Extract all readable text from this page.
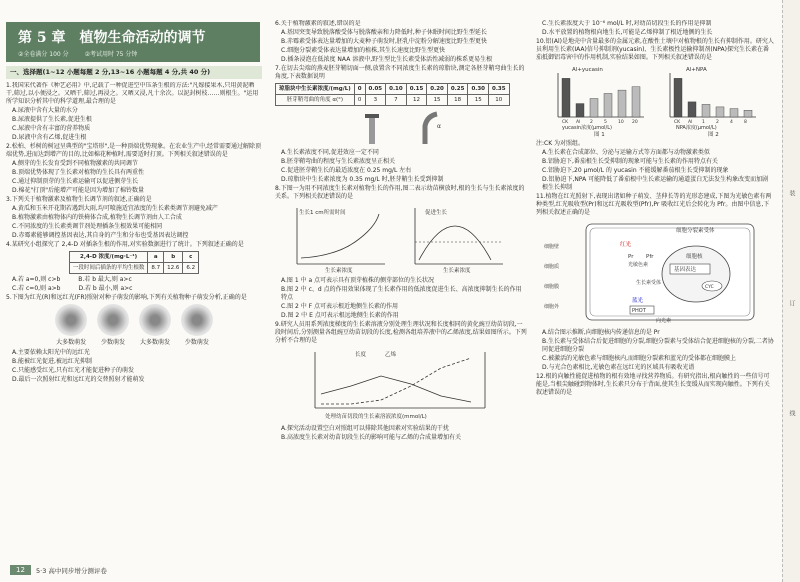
第 5 章　植物生命活动的调节
②全卷满分 100 分	②考试用时 75 分钟
一、选择题(1~12 小题每题 2 分,13~16 小题每题 4 分,共 40 分)

1.我国宋代著作《种艺必用》中,记载了一种促进空中压条生根的方法:"凡嫁接果木,只用黄泥晒干,筛过,以小便浸之。又晒干,筛过,再浸之。又晒又浸,凡十余次。以泥封树枝……则根生。"运用所学知识分析其中的科学道理,最合理的是

A.尿液中含有大量的水分

B.尿液提供了生长素,促进生根

C.尿液中含有丰富的营养物质

D.尿液中含有乙烯,促进生根

2.松柏、杉树的树冠呈典型的"宝塔形",是一种顶端优势现象。在农业生产中,经常需要通过解除顶端优势,进而达到增产的目的,比如棉花种植时,需要适时打顶。下列相关叙述错误的是

A.侧芽的生长发育受到不同植物激素的共同调节

B.顶端优势体现了生长素对植物的生长具有两重性

C.通过抑制顶芽的生长素运输可以促进侧芽生长

D.棉花"打顶"后能增产可能是因为增加了棉铃数量

3.下列关于植物激素及植物生长调节剂的叙述,正确的是

A.黄瓜和玉米开花期若遇到大雨,均可喷施适宜浓度的生长素类调节剂避免减产

B.植物激素由植物体内的铁椅体合成,植物生长调节剂由人工合成

C.不同浓度的生长素类调节剂处理插条生根效果可能相同

D.赤霉素能够调控基因表达,其自身的产生和分布也受基因表达调控

4.某研究小组探究了 2,4-D 对插条生根的作用,对实验数据进行了统计。下列叙述正确的是

2,4-D 浓度/(mg·L⁻¹)	a	b	c
一段时间后插条的平均生根数	8.7	12.6	6.2

A.若 a=0,则 c>b　　　B.若 b 最大,则 a>c

C.若 c=0,则 a>b　　　D.若 b 最小,则 a>c

5.下图为红光(R)和远红光(FR)照射对种子萌发的影响,下列有关植物种子萌发分析,正确的是

大多数萌发
	少数萌发
	大多数萌发
	少数萌发

A.主要依赖太阳光中的远红光

B.能被红光促进,被远红光抑制

C.只能感受红光,只有红光才能促进种子的萌发

D.最后一次照射红光和远红光的交替照射才能萌发

6.关于植物激素的叙述,错误的是

A.基因突变导致脱落酸受体与脱落酸亲和力降低时,种子休眠时间比野生型延长

B.赤霉素受体表达量增加的大麦种子萌发时,胚乳中淀粉分解速度比野生型更快

C.细胞分裂素受体表达量增加的植株,其生长速度比野生型更快

D.插条浸泡在低浓度 NAA 溶液中,野生型比生长素受体活性减弱的株系更易生根

7.在切去尖端的燕麦胚芽鞘切面一侧,放置含不同浓度生长素的琼脂块,测定各胚芽鞘弯曲生长的角度,下表数据说明

琼脂块中生长素浓度/(mg/L)	0	0.05	0.10	0.15	0.20	0.25	0.30	0.35
胚芽鞘弯曲的角度 α(°)	0	3	7	12	15	18	15	10
α

A.生长素浓度不同,促进效应一定不同

B.胚芽鞘弯曲的程度与生长素浓度呈正相关

C.促进胚芽鞘生长的最适浓度在 0.25 mg/L 左右

D.琼脂块中生长素浓度为 0.35 mg/L 时,胚芽鞘生长受到抑制

8.下图一为用不同浓度生长素对植物生长的作用,图二表示幼苗横放时,根的生长与生长素浓度的关系。下列相关叙述错误的是

生长1 cm所需时间
生长素浓度
促进生长
生长素浓度

A.图 1 中 a 点可表示具有顶芽植株的侧芽部位的生长状况

B.图 2 中 c、d 点的作用效果体现了生长素作用的低浓度促进生长、高浓度抑制生长的作用特点

C.图 2 中 F 点可表示根近地侧生长素的作用

D.图 2 中 E 点可表示根远地侧生长素的作用

9.研究人员用系列浓度梯度的生长素溶液分别处理生理状况和长度相同的黄化豌豆幼苗切段,一段时间后,分别测量各组豌豆幼苗切段的长度,检测各组培养液中的乙烯浓度,结果如图所示。下列分析不合理的是

长度	乙烯
处理幼苗切段的生长素溶液浓度(mmol/L)

A.探究活动设置空白对照组可以排除其他因素对实验结果的干扰

B.高浓度生长素对幼苗切段生长的影响可能与乙烯的合成量增加有关

C.生长素浓度大于 10⁻⁶ mol/L 时,对幼苗切段生长的作用是抑制

D.水平放置的植物根向地生长,可能是乙烯抑制了根近地侧的生长

10.铝(Al)是地壳中含量最多的金属元素,在酸性土壤中对植物根的生长有抑制作用。研究人员利用生长素(IAA)信号抑制剂(yucasin)、生长素极性运输抑制剂(NPA)探究生长素在番茄抵御铝毒害中的作用机制,实验结果如图。下列相关叙述错误的是

Al+yucasin	Al+NPA
CK Al 2 5 10 20	CK Al 1 2 4 8
yucasin浓度(μmol/L)	NPA浓度(μmol/L)
图 1	图 2

注:CK 为对照组。

A.生长素在合成部位、分泌与运输方式等方面都与动物激素类似

B.铝胁迫下,番茄根生长受抑制的现象可能与生长素的作用特点有关

C.铝胁迫下,20 μmol/L 的 yucasin 不能缓解番茄根生长受抑制的现象

D.铝胁迫下,NPA 可能降低了番茄根中生长素运输的通道蛋白无法发生构象改变而加剧根生长抑制

11.植物在红光照射下,表现出诸如种子萌发、茎伸长等的光形态建成,下图为光敏色素有两种类型,红光吸收型(Pr)和远红光吸收型(Pfr),Pr 吸收红光后会转化为 Pfr。由图中信息,下列相关叙述正确的是

细胞核
基因表达
CYC
细胞分裂素受体
红光
Pr Pfr
光敏色素
生长素受体
蓝光
PHOT
向光素
细胞壁
细胞质
细胞膜
细胞外

A.结合图示推断,向细胞核内传递信息的是 Pr

B.生长素与受体结合后促进细胞的分裂,细胞分裂素与受体结合促进细胞核的分裂,二者协同促进细胞分裂

C.被激活的光敏色素与细胞核内,而细胞分裂素和蓝光的受体都在细胞膜上

D.与光合色素相比,光敏色素在远红光的区域具有吸收光谱

12.根的向触性能促进植物的根有效地寻找营养物质。有研究指出,根向触性的一些信号可能是,当根尖触碰到物体时,生长素只分布于背面,使其生长变缓从而实现向触性。下列有关叙述错误的是

装
订
线
12	5·3 高中同步增分测评卷
